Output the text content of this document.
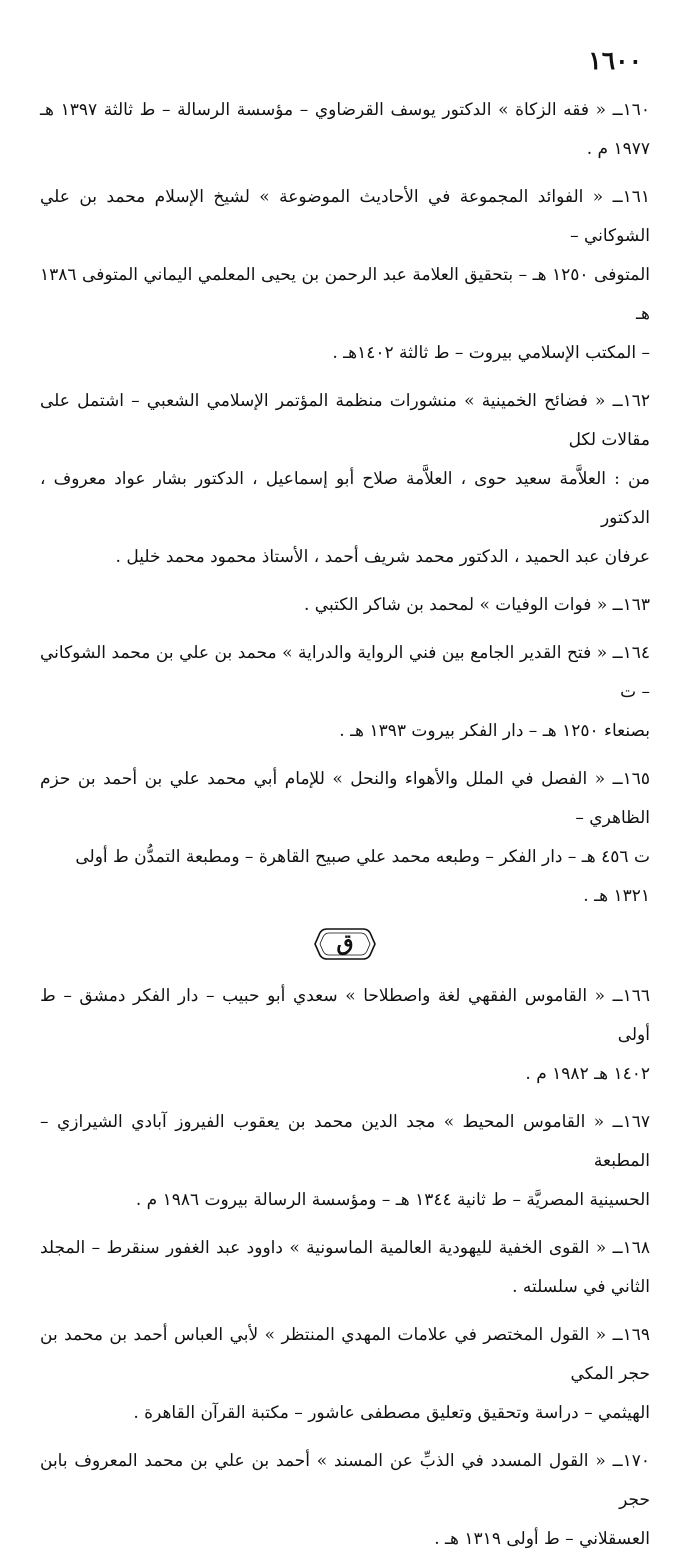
١٦٠٠

١٦٠ــ « فقه الزكاة » الدكتور يوسف القرضاوي – مؤسسة الرسالة – ط ثالثة ١٣٩٧ هـ ١٩٧٧ م .

١٦١ــ « الفوائد المجموعة في الأحاديث الموضوعة » لشيخ الإسلام محمد بن علي الشوكاني –

المتوفى ١٢٥٠ هـ – بتحقيق العلامة عبد الرحمن بن يحيى المعلمي اليماني المتوفى ١٣٨٦ هـ

– المكتب الإسلامي بيروت – ط ثالثة ١٤٠٢هـ .

١٦٢ــ « فضائح الخمينية » منشورات منظمة المؤتمر الإسلامي الشعبي – اشتمل على مقالات لكل

من : العلاَّمة سعيد حوى ، العلاَّمة صلاح أبو إسماعيل ، الدكتور بشار عواد معروف ، الدكتور

عرفان عبد الحميد ، الدكتور محمد شريف أحمد ، الأستاذ محمود محمد خليل .

١٦٣ــ « فوات الوفيات » لمحمد بن شاكر الكتبي .

١٦٤ــ « فتح القدير الجامع بين فني الرواية والدراية » محمد بن علي بن محمد الشوكاني – ت

بصنعاء ١٢٥٠ هـ – دار الفكر بيروت ١٣٩٣ هـ .

١٦٥ــ « الفصل في الملل والأهواء والنحل » للإمام أبي محمد علي بن أحمد بن حزم الظاهري –

ت ٤٥٦ هـ – دار الفكر – وطبعه محمد علي صبيح القاهرة – ومطبعة التمدُّن ط أولى

١٣٢١ هـ .

ق

١٦٦ــ « القاموس الفقهي لغة واصطلاحا » سعدي أبو حبيب – دار الفكر دمشق – ط أولى

١٤٠٢ هـ ١٩٨٢ م .

١٦٧ــ « القاموس المحيط » مجد الدين محمد بن يعقوب الفيروز آبادي الشيرازي – المطبعة

الحسينية المصريَّة – ط ثانية ١٣٤٤ هـ – ومؤسسة الرسالة بيروت ١٩٨٦ م .

١٦٨ــ « القوى الخفية لليهودية العالمية الماسونية » داوود عبد الغفور سنقرط – المجلد الثاني في سلسلته .

١٦٩ــ « القول المختصر في علامات المهدي المنتظر » لأبي العباس أحمد بن محمد بن حجر المكي

الهيثمي – دراسة وتحقيق وتعليق مصطفى عاشور – مكتبة القرآن القاهرة .

١٧٠ــ « القول المسدد في الذبِّ عن المسند » أحمد بن علي بن محمد المعروف بابن حجر

العسقلاني – ط أولى ١٣١٩ هـ .
